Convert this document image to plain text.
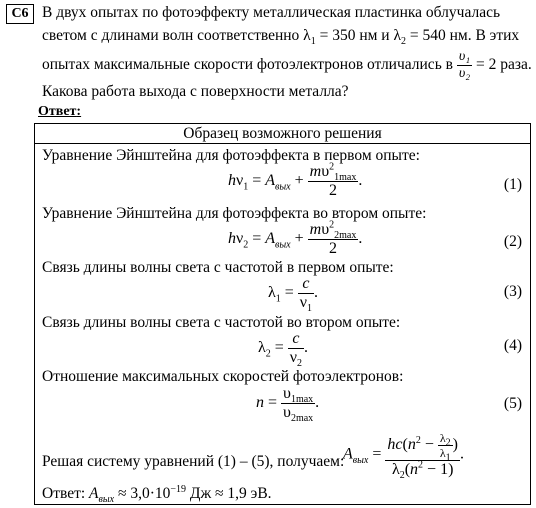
С6 В двух опытах по фотоэффекту металлическая пластинка облучалась
светом с длинами волн соответственно $\lambda_1 = 350$ нм и $\lambda_2 = 540$ нм. В этих
опытах максимальные скорости фотоэлектронов отличались в $\frac{\text{υ₁}}{\text{υ₂}} = 2$ раза.
Какова работа выхода с поверхности металла?
Ответ:
Образец возможного решения
Уравнение Эйнштейна для фотоэффекта в первом опыте:
$h\nu_1 = A_{вых} + \frac{m\upsilon^2_{1max}}{2}$ .	(1)
Уравнение Эйнштейна для фотоэффекта во втором опыте:
$h\nu_2 = A_{вых} + \frac{m\upsilon^2_{2max}}{2}$ .	(2)
Связь длины волны света с частотой в первом опыте:
$\lambda_1 = \frac{c}{\nu_1}$ .	(3)
Связь длины волны света с частотой во втором опыте:
$\lambda_2 = \frac{c}{\nu_2}$ .	(4)
Отношение максимальных скоростей фотоэлектронов:
$n = \frac{\upsilon_{1max}}{\upsilon_{2max}}$ .	(5)
Решая систему уравнений (1) – (5), получаем:
$A_{вых} = \frac{hc(n^2 - \frac{\lambda_2}{\lambda_1} )}{\lambda_2(n^2 - 1)}$ .
Ответ: $A_{вых} \approx 3,0\cdot 10^{-19}$ Дж ≈ 1,9 эВ.
